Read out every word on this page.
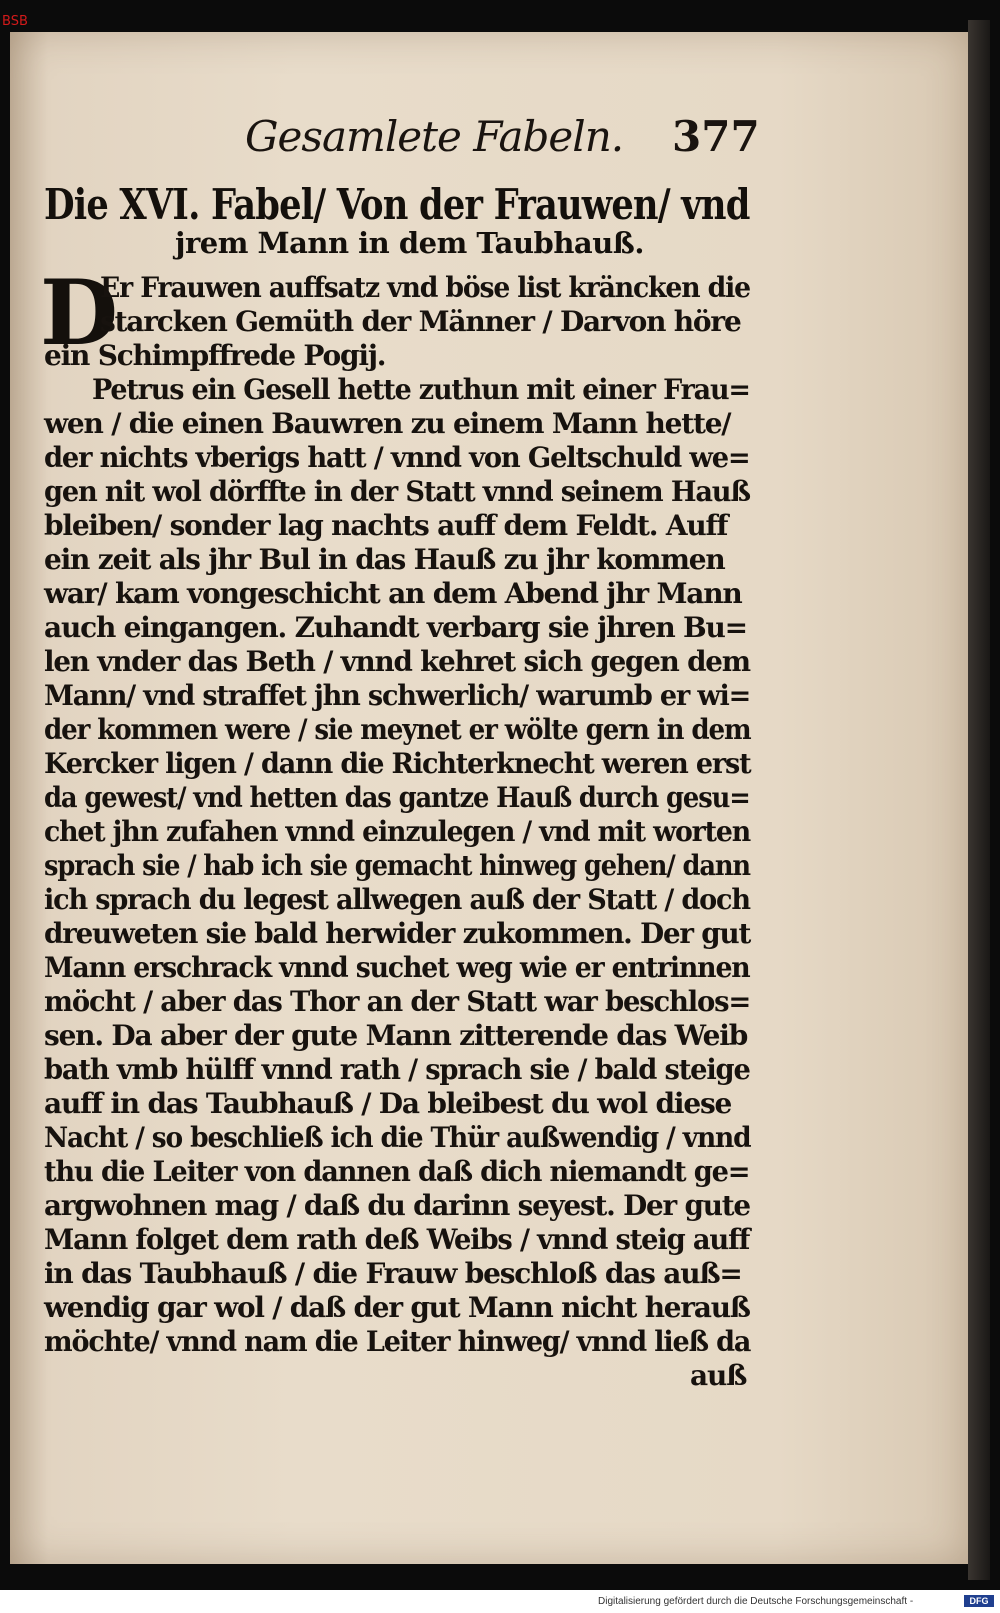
BSB
Gesamlete Fabeln. 377
Die XVI. Fabel/ Von der Frauwen/ vnd
jrem Mann in dem Taubhauß.
D
Er Frauwen auffsatz vnd böse list kräncken die
starcken Gemüth der Männer / Darvon höre
ein Schimpffrede Pogij.
Petrus ein Gesell hette zuthun mit einer Frau=
wen / die einen Bauwren zu einem Mann hette/
der nichts vberigs hatt / vnnd von Geltschuld we=
gen nit wol dörffte in der Statt vnnd seinem Hauß
bleiben/ sonder lag nachts auff dem Feldt. Auff
ein zeit als jhr Bul in das Hauß zu jhr kommen
war/ kam vongeschicht an dem Abend jhr Mann
auch eingangen. Zuhandt verbarg sie jhren Bu=
len vnder das Beth / vnnd kehret sich gegen dem
Mann/ vnd straffet jhn schwerlich/ warumb er wi=
der kommen were / sie meynet er wölte gern in dem
Kercker ligen / dann die Richterknecht weren erst
da gewest/ vnd hetten das gantze Hauß durch gesu=
chet jhn zufahen vnnd einzulegen / vnd mit worten
sprach sie / hab ich sie gemacht hinweg gehen/ dann
ich sprach du legest allwegen auß der Statt / doch
dreuweten sie bald herwider zukommen. Der gut
Mann erschrack vnnd suchet weg wie er entrinnen
möcht / aber das Thor an der Statt war beschlos=
sen. Da aber der gute Mann zitterende das Weib
bath vmb hülff vnnd rath / sprach sie / bald steige
auff in das Taubhauß / Da bleibest du wol diese
Nacht / so beschließ ich die Thür außwendig / vnnd
thu die Leiter von dannen daß dich niemandt ge=
argwohnen mag / daß du darinn seyest. Der gute
Mann folget dem rath deß Weibs / vnnd steig auff
in das Taubhauß / die Frauw beschloß das auß=
wendig gar wol / daß der gut Mann nicht herauß
möchte/ vnnd nam die Leiter hinweg/ vnnd ließ da
auß
Digitalisierung gefördert durch die Deutsche Forschungsgemeinschaft -	DFG
